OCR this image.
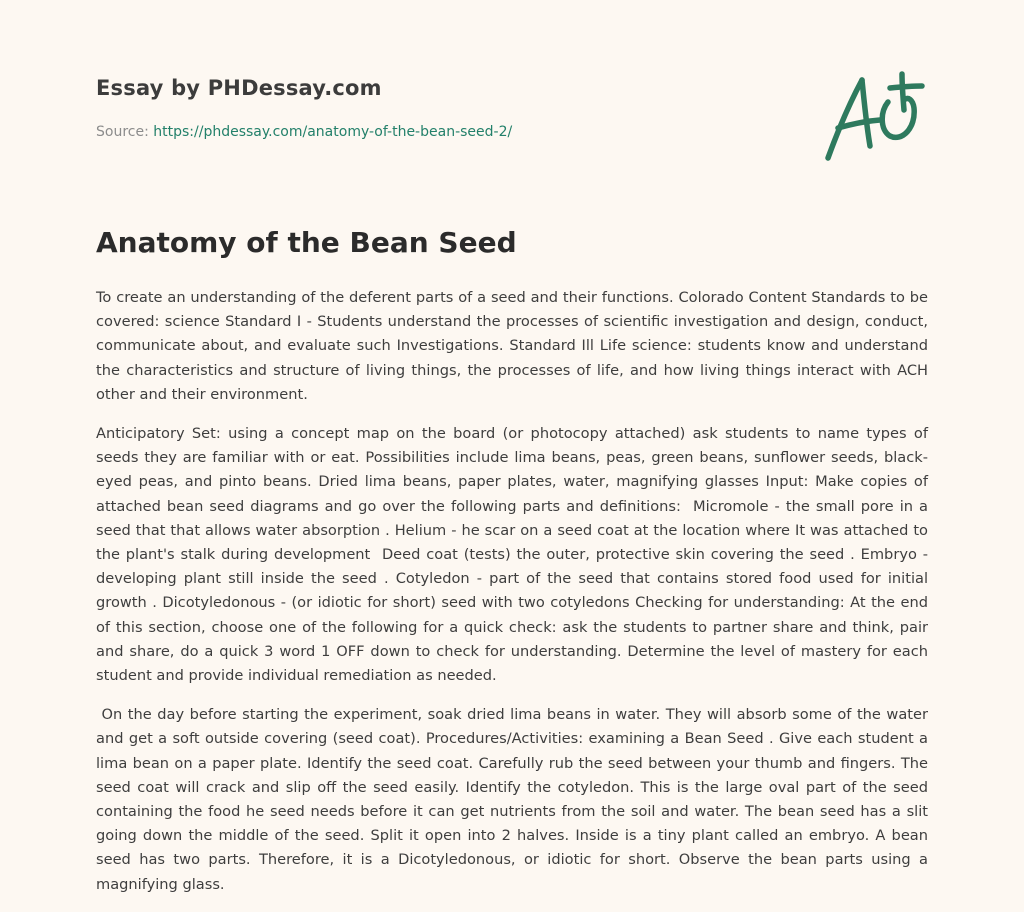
Essay by PHDessay.com
Source: https://phdessay.com/anatomy-of-the-bean-seed-2/
Anatomy of the Bean Seed

To create an understanding of the deferent parts of a seed and their functions. Colorado Content Standards to be covered: science Standard I - Students understand the processes of scientific investigation and design, conduct, communicate about, and evaluate such Investigations. Standard Ill Life science: students know and understand the characteristics and structure of living things, the processes of life, and how living things interact with ACH other and their environment.

Anticipatory Set: using a concept map on the board (or photocopy attached) ask students to name types of seeds they are familiar with or eat. Possibilities include lima beans, peas, green beans, sunflower seeds, black-eyed peas, and pinto beans. Dried lima beans, paper plates, water, magnifying glasses Input: Make copies of attached bean seed diagrams and go over the following parts and definitions:  Micromole - the small pore in a seed that that allows water absorption . Helium - he scar on a seed coat at the location where It was attached to the plant's stalk during development  Deed coat (tests) the outer, protective skin covering the seed . Embryo - developing plant still inside the seed . Cotyledon - part of the seed that contains stored food used for initial growth . Dicotyledonous - (or idiotic for short) seed with two cotyledons Checking for understanding: At the end of this section, choose one of the following for a quick check: ask the students to partner share and think, pair and share, do a quick 3 word 1 OFF down to check for understanding. Determine the level of mastery for each student and provide individual remediation as needed.

On the day before starting the experiment, soak dried lima beans in water. They will absorb some of the water and get a soft outside covering (seed coat). Procedures/Activities: examining a Bean Seed . Give each student a lima bean on a paper plate. Identify the seed coat. Carefully rub the seed between your thumb and fingers. The seed coat will crack and slip off the seed easily. Identify the cotyledon. This is the large oval part of the seed containing the food he seed needs before it can get nutrients from the soil and water. The bean seed has a slit going down the middle of the seed. Split it open into 2 halves. Inside is a tiny plant called an embryo. A bean seed has two parts. Therefore, it is a Dicotyledonous, or idiotic for short. Observe the bean parts using a magnifying glass.
